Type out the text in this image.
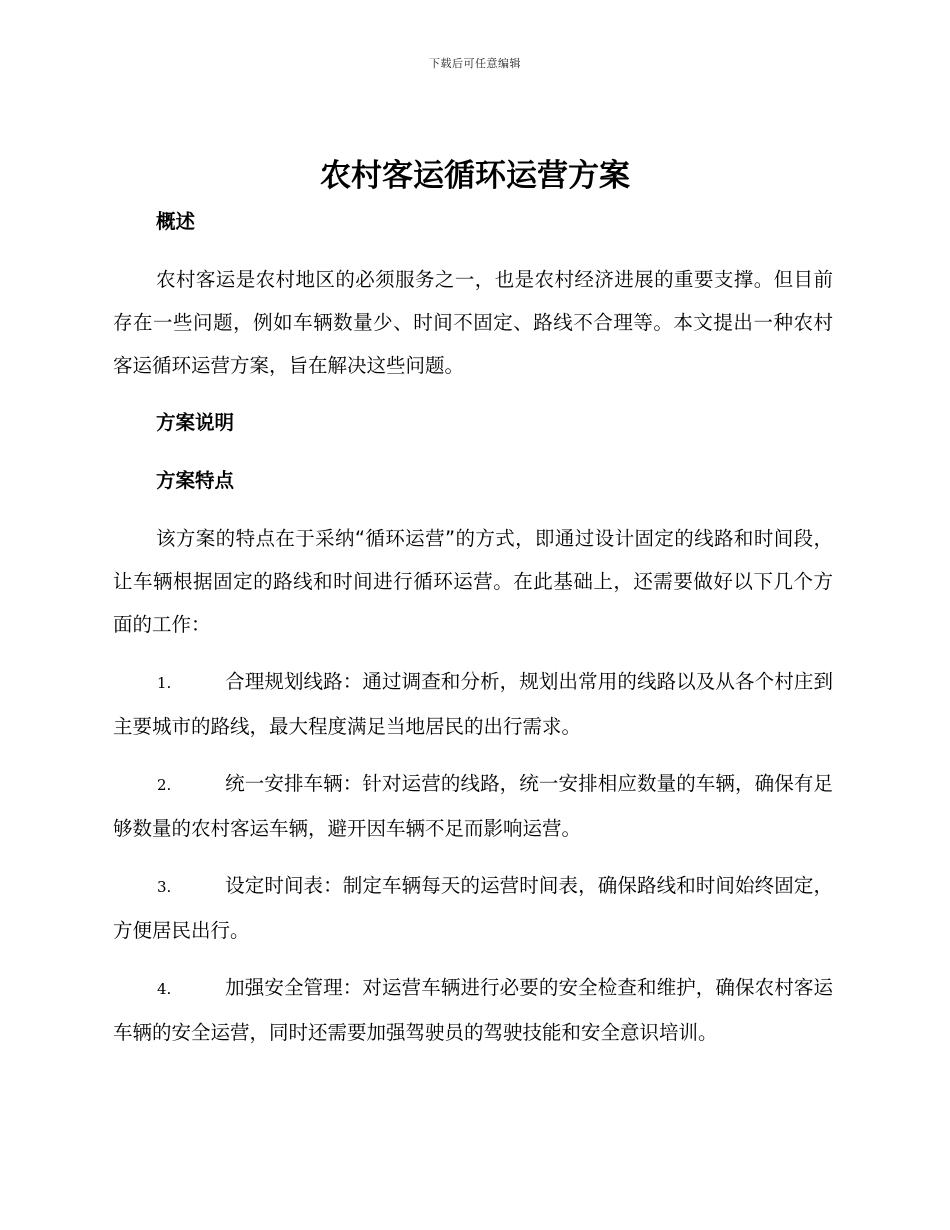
下载后可任意编辑
农村客运循环运营方案
概述

农村客运是农村地区的必须服务之一，也是农村经济进展的重要支撑。但目前存在一些问题，例如车辆数量少、时间不固定、路线不合理等。本文提出一种农村客运循环运营方案，旨在解决这些问题。

方案说明
方案特点

该方案的特点在于采纳“循环运营”的方式，即通过设计固定的线路和时间段，让车辆根据固定的路线和时间进行循环运营。在此基础上，还需要做好以下几个方面的工作：

1.	合理规划线路：通过调查和分析，规划出常用的线路以及从各个村庄到主要城市的路线，最大程度满足当地居民的出行需求。

2.	统一安排车辆：针对运营的线路，统一安排相应数量的车辆，确保有足够数量的农村客运车辆，避开因车辆不足而影响运营。

3.	设定时间表：制定车辆每天的运营时间表，确保路线和时间始终固定，方便居民出行。

4.	加强安全管理：对运营车辆进行必要的安全检查和维护，确保农村客运车辆的安全运营，同时还需要加强驾驶员的驾驶技能和安全意识培训。
